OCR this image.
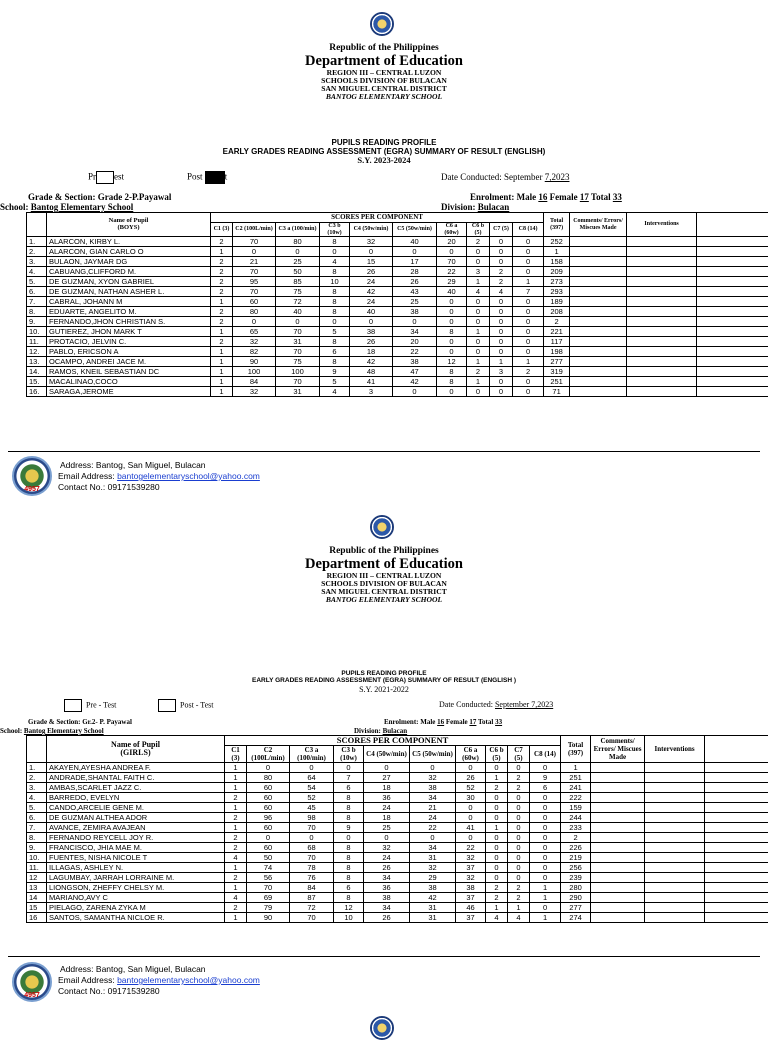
Republic of the Philippines
Department of Education
REGION III – CENTRAL LUZON
SCHOOLS DIVISION OF BULACAN
SAN MIGUEL CENTRAL DISTRICT
BANTOG ELEMENTARY SCHOOL
PUPILS READING PROFILE
EARLY GRADES READING ASSESSMENT (EGRA) SUMMARY OF RESULT (ENGLISH)
S.Y. 2023-2024
Pr est	Post t	Date Conducted: September 7,2023
Grade & Section: Grade 2-P.Payawal
School: Bantog Elementary School
Enrolment: Male 16 Female 17 Total 33
Division: Bulacan
	Name of Pupil
(BOYS)	SCORES PER COMPONENT										Total (397)	Comments/ Errors/ Miscues Made	Interventions	
		C1 (3)	C2 (100L/min)	C3 a (100/min)	C3 b (10w)	C4 (50w/min)	C5 (50w/min)	C6 a (60w)	C6 b (5)	C7 (5)	C8 (14)				
1.	ALARCON, KIRBY L.	2	70	80	8	32	40	20	2	0	0	252			
2.	ALARCON, GIAN CARLO O	1	0	0	0	0	0	0	0	0	0	1			
3.	BULAON, JAYMAR DG	2	21	25	4	15	17	70	0	0	0	158			
4.	CABUANG,CLIFFORD M.	2	70	50	8	26	28	22	3	2	0	209			
5.	DE GUZMAN, XYON GABRIEL	2	95	85	10	24	26	29	1	2	1	273			
6.	DE GUZMAN, NATHAN ASHER L.	2	70	75	8	42	43	40	4	4	7	293			
7.	CABRAL, JOHANN M	1	60	72	8	24	25	0	0	0	0	189			
8.	EDUARTE, ANGELITO M.	2	80	40	8	40	38	0	0	0	0	208			
9.	FERNANDO,JHON CHRISTIAN S.	2	0	0	0	0	0	0	0	0	0	2			
10.	GUTIEREZ, JHON MARK T	1	65	70	5	38	34	8	1	0	0	221			
11.	PROTACIO, JELVIN C.	2	32	31	8	26	20	0	0	0	0	117			
12.	PABLO, ERICSON A	1	82	70	6	18	22	0	0	0	0	198			
13.	OCAMPO, ANDREI JACE M.	1	90	75	8	42	38	12	1	1	1	277			
14.	RAMOS, KNEIL SEBASTIAN DC	1	100	100	9	48	47	8	2	3	2	319			
15.	MACALINAO,COCO	1	84	70	5	41	42	8	1	0	0	251			
16.	SARAGA,JEROME	1	32	31	4	3	0	0	0	0	0	71			
4957
Address: Bantog, San Miguel, Bulacan
Email Address: bantogelementaryschool@yahoo.com
Contact No.: 09171539280
Republic of the Philippines
Department of Education
REGION III – CENTRAL LUZON
SCHOOLS DIVISION OF BULACAN
SAN MIGUEL CENTRAL DISTRICT
BANTOG ELEMENTARY SCHOOL
PUPILS READING PROFILE
EARLY GRADES READING ASSESSMENT (EGRA) SUMMARY OF RESULT (ENGLISH )
S.Y. 2021-2022
Pre - Test	Post - Test	Date Conducted: September 7,2023
Grade & Section: Gr.2- P. Payawal
School: Bantog Elementary School
Enrolment: Male 16 Female 17 Total 33
Division: Bulacan
	Name of Pupil
(GIRLS)	SCORES PER COMPONENT										Total (397)	Comments/ Errors/ Miscues Made	Interventions	
		C1 (3)	C2 (100L/min)	C3 a (100/min)	C3 b (10w)	C4 (50w/min)	C5 (50w/min)	C6 a (60w)	C6 b (5)	C7 (5)	C8 (14)				
1.	AKAYEN,AYESHA ANDREA F.	1	0	0	0	0	0	0	0	0	0	1			
2.	ANDRADE,SHANTAL FAITH C.	1	80	64	7	27	32	26	1	2	9	251			
3.	AMBAS,SCARLET JAZZ C.	1	60	54	6	18	38	52	2	2	6	241			
4.	BARREDO, EVELYN	2	60	52	8	36	34	30	0	0	0	222			
5.	CANDO,ARCELIE GENE M.	1	60	45	8	24	21	0	0	0	0	159			
6.	DE GUZMAN ALTHEA ADOR	2	96	98	8	18	24	0	0	0	0	244			
7.	AVANCE, ZEMIRA AVAJEAN	1	60	70	9	25	22	41	1	0	0	233			
8.	FERNANDO REYCELL JOY R.	2	0	0	0	0	0	0	0	0	0	2			
9.	FRANCISCO, JHIA MAE M.	2	60	68	8	32	34	22	0	0	0	226			
10.	FUENTES, NISHA NICOLE T	4	50	70	8	24	31	32	0	0	0	219			
11.	ILLAGAS, ASHLEY N.	1	74	78	8	26	32	37	0	0	0	256			
12	LAGUMBAY, JARRAH LORRAINE M.	2	56	76	8	34	29	32	0	0	0	239			
13	LIONGSON, ZHEFFY CHELSY M.	1	70	84	6	36	38	38	2	2	1	280			
14	MARIANO,AVY C	4	69	87	8	38	42	37	2	2	1	290			
15	PIELAGO, ZARENA ZYKA M	2	79	72	12	34	31	46	1	1	0	277			
16	SANTOS, SAMANTHA NICLOE R.	1	90	70	10	26	31	37	4	4	1	274			
4957
Address: Bantog, San Miguel, Bulacan
Email Address: bantogelementaryschool@yahoo.com
Contact No.: 09171539280
